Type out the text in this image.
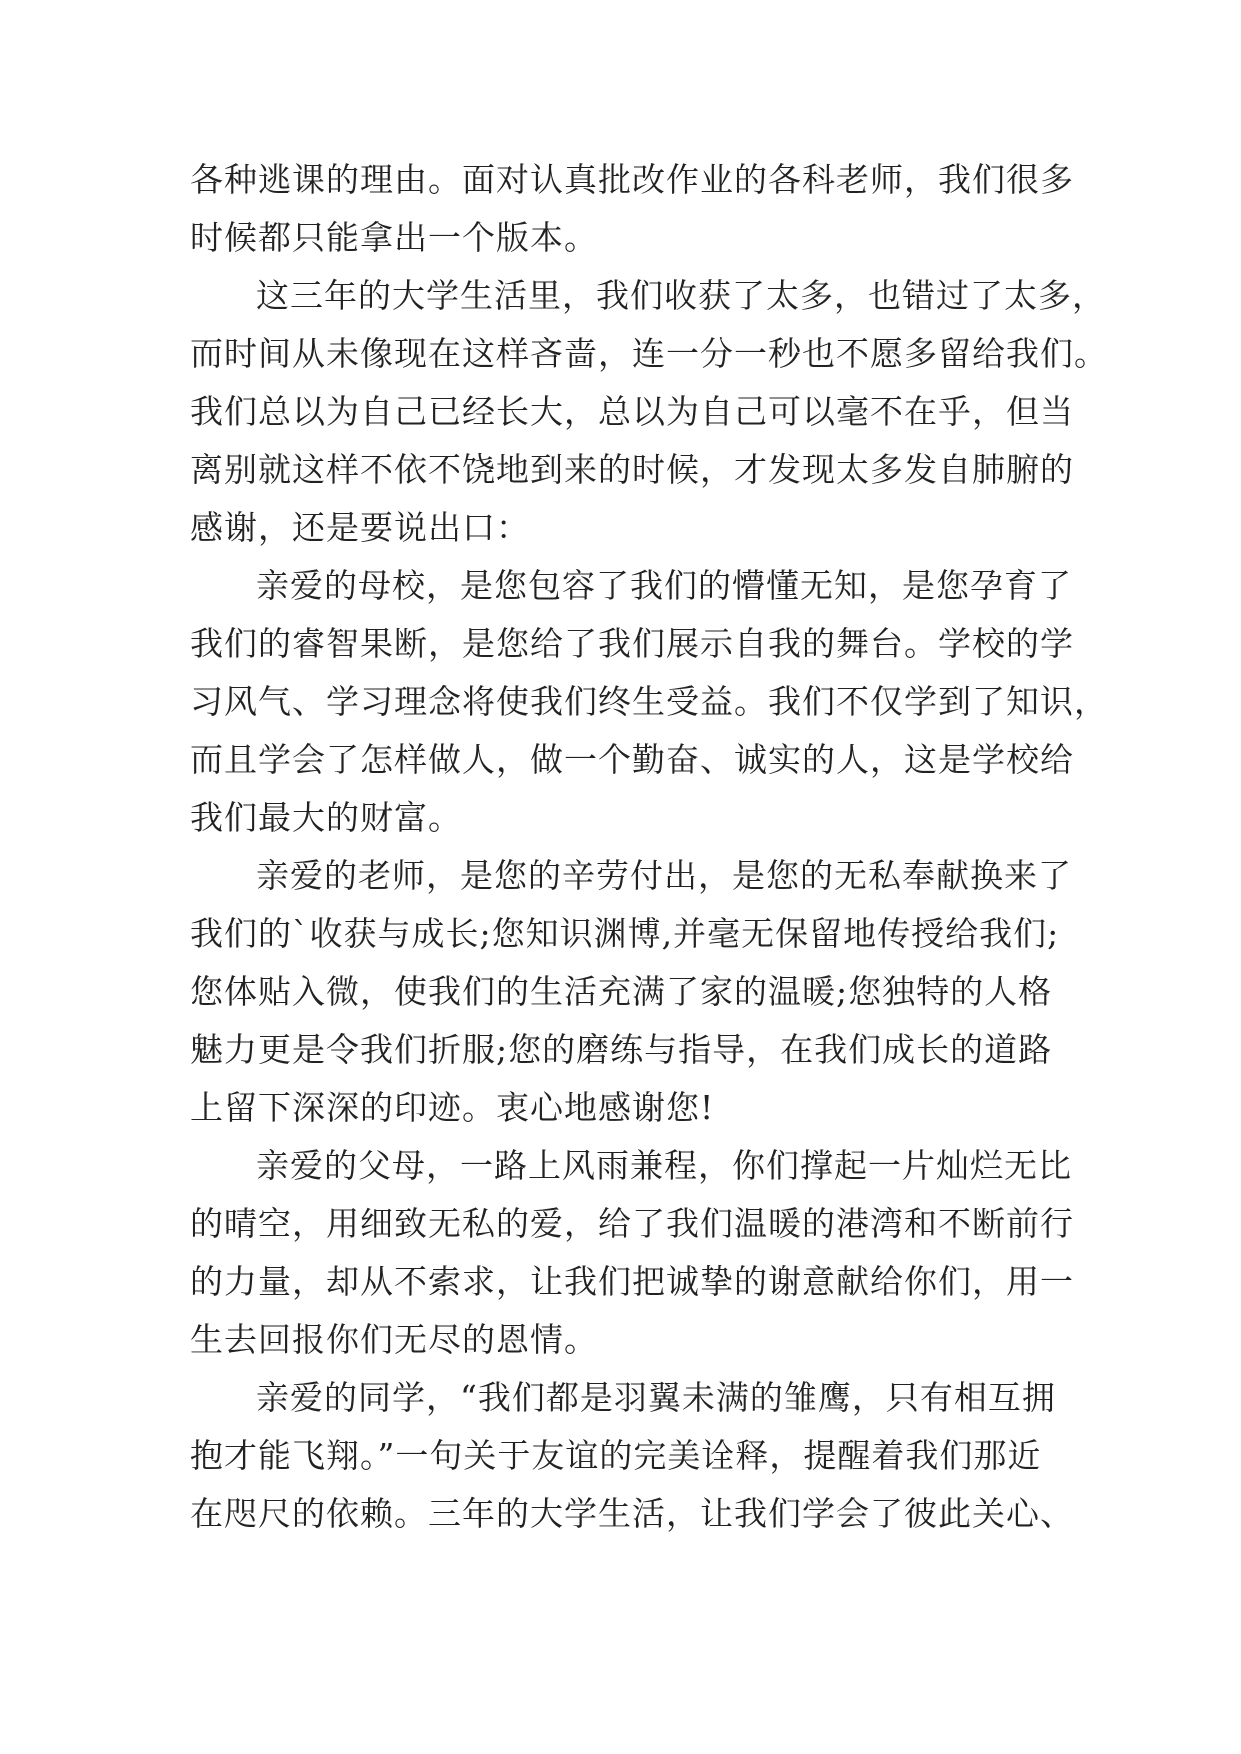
各种逃课的理由。面对认真批改作业的各科老师，我们很多
时候都只能拿出一个版本。
这三年的大学生活里，我们收获了太多，也错过了太多，
而时间从未像现在这样吝啬，连一分一秒也不愿多留给我们。
我们总以为自己已经长大，总以为自己可以毫不在乎，但当
离别就这样不依不饶地到来的时候，才发现太多发自肺腑的
感谢，还是要说出口：
亲爱的母校，是您包容了我们的懵懂无知，是您孕育了
我们的睿智果断，是您给了我们展示自我的舞台。学校的学
习风气、学习理念将使我们终生受益。我们不仅学到了知识，
而且学会了怎样做人，做一个勤奋、诚实的人，这是学校给
我们最大的财富。
亲爱的老师，是您的辛劳付出，是您的无私奉献换来了
我们的`收获与成长;您知识渊博,并毫无保留地传授给我们;
您体贴入微，使我们的生活充满了家的温暖;您独特的人格
魅力更是令我们折服;您的磨练与指导，在我们成长的道路
上留下深深的印迹。衷心地感谢您!
亲爱的父母，一路上风雨兼程，你们撑起一片灿烂无比
的晴空，用细致无私的爱，给了我们温暖的港湾和不断前行
的力量，却从不索求，让我们把诚挚的谢意献给你们，用一
生去回报你们无尽的恩情。
亲爱的同学，“我们都是羽翼未满的雏鹰，只有相互拥
抱才能飞翔。”一句关于友谊的完美诠释，提醒着我们那近
在咫尺的依赖。三年的大学生活，让我们学会了彼此关心、
